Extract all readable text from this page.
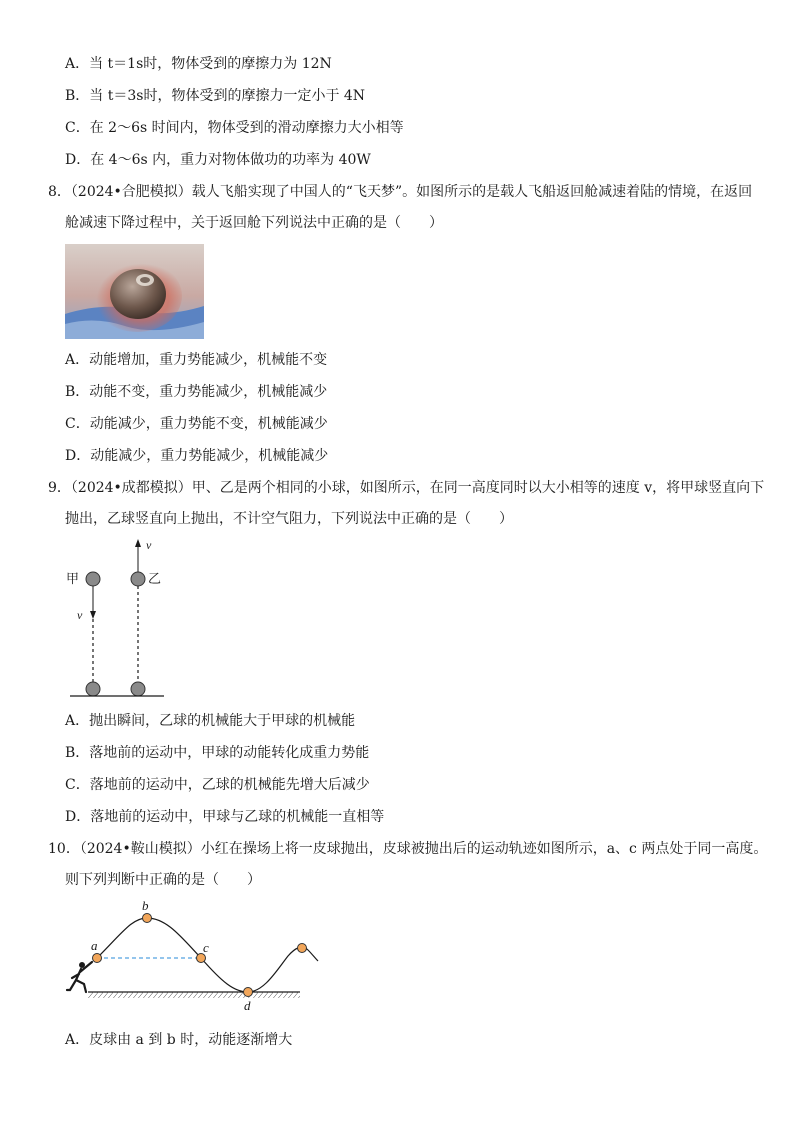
A．当 t＝1s时，物体受到的摩擦力为 12N
B．当 t＝3s时，物体受到的摩擦力一定小于 4N
C．在 2～6s 时间内，物体受到的滑动摩擦力大小相等
D．在 4～6s 内，重力对物体做功的功率为 40W
8．（2024•合肥模拟）载人飞船实现了中国人的“飞天梦”。如图所示的是载人飞船返回舱减速着陆的情境，在返回
舱减速下降过程中，关于返回舱下列说法中正确的是（　　）
A．动能增加，重力势能减少，机械能不变
B．动能不变，重力势能减少，机械能减少
C．动能减少，重力势能不变，机械能减少
D．动能减少，重力势能减少，机械能减少
9．（2024•成都模拟）甲、乙是两个相同的小球，如图所示，在同一高度同时以大小相等的速度 v，将甲球竖直向下
抛出，乙球竖直向上抛出，不计空气阻力，下列说法中正确的是（　　）
甲	乙
v
v
A．抛出瞬间，乙球的机械能大于甲球的机械能
B．落地前的运动中，甲球的动能转化成重力势能
C．落地前的运动中，乙球的机械能先增大后减少
D．落地前的运动中，甲球与乙球的机械能一直相等
10．（2024•鞍山模拟）小红在操场上将一皮球抛出，皮球被抛出后的运动轨迹如图所示，a、c 两点处于同一高度。
则下列判断中正确的是（　　）
a
b
c
d
A．皮球由 a 到 b 时，动能逐渐增大
